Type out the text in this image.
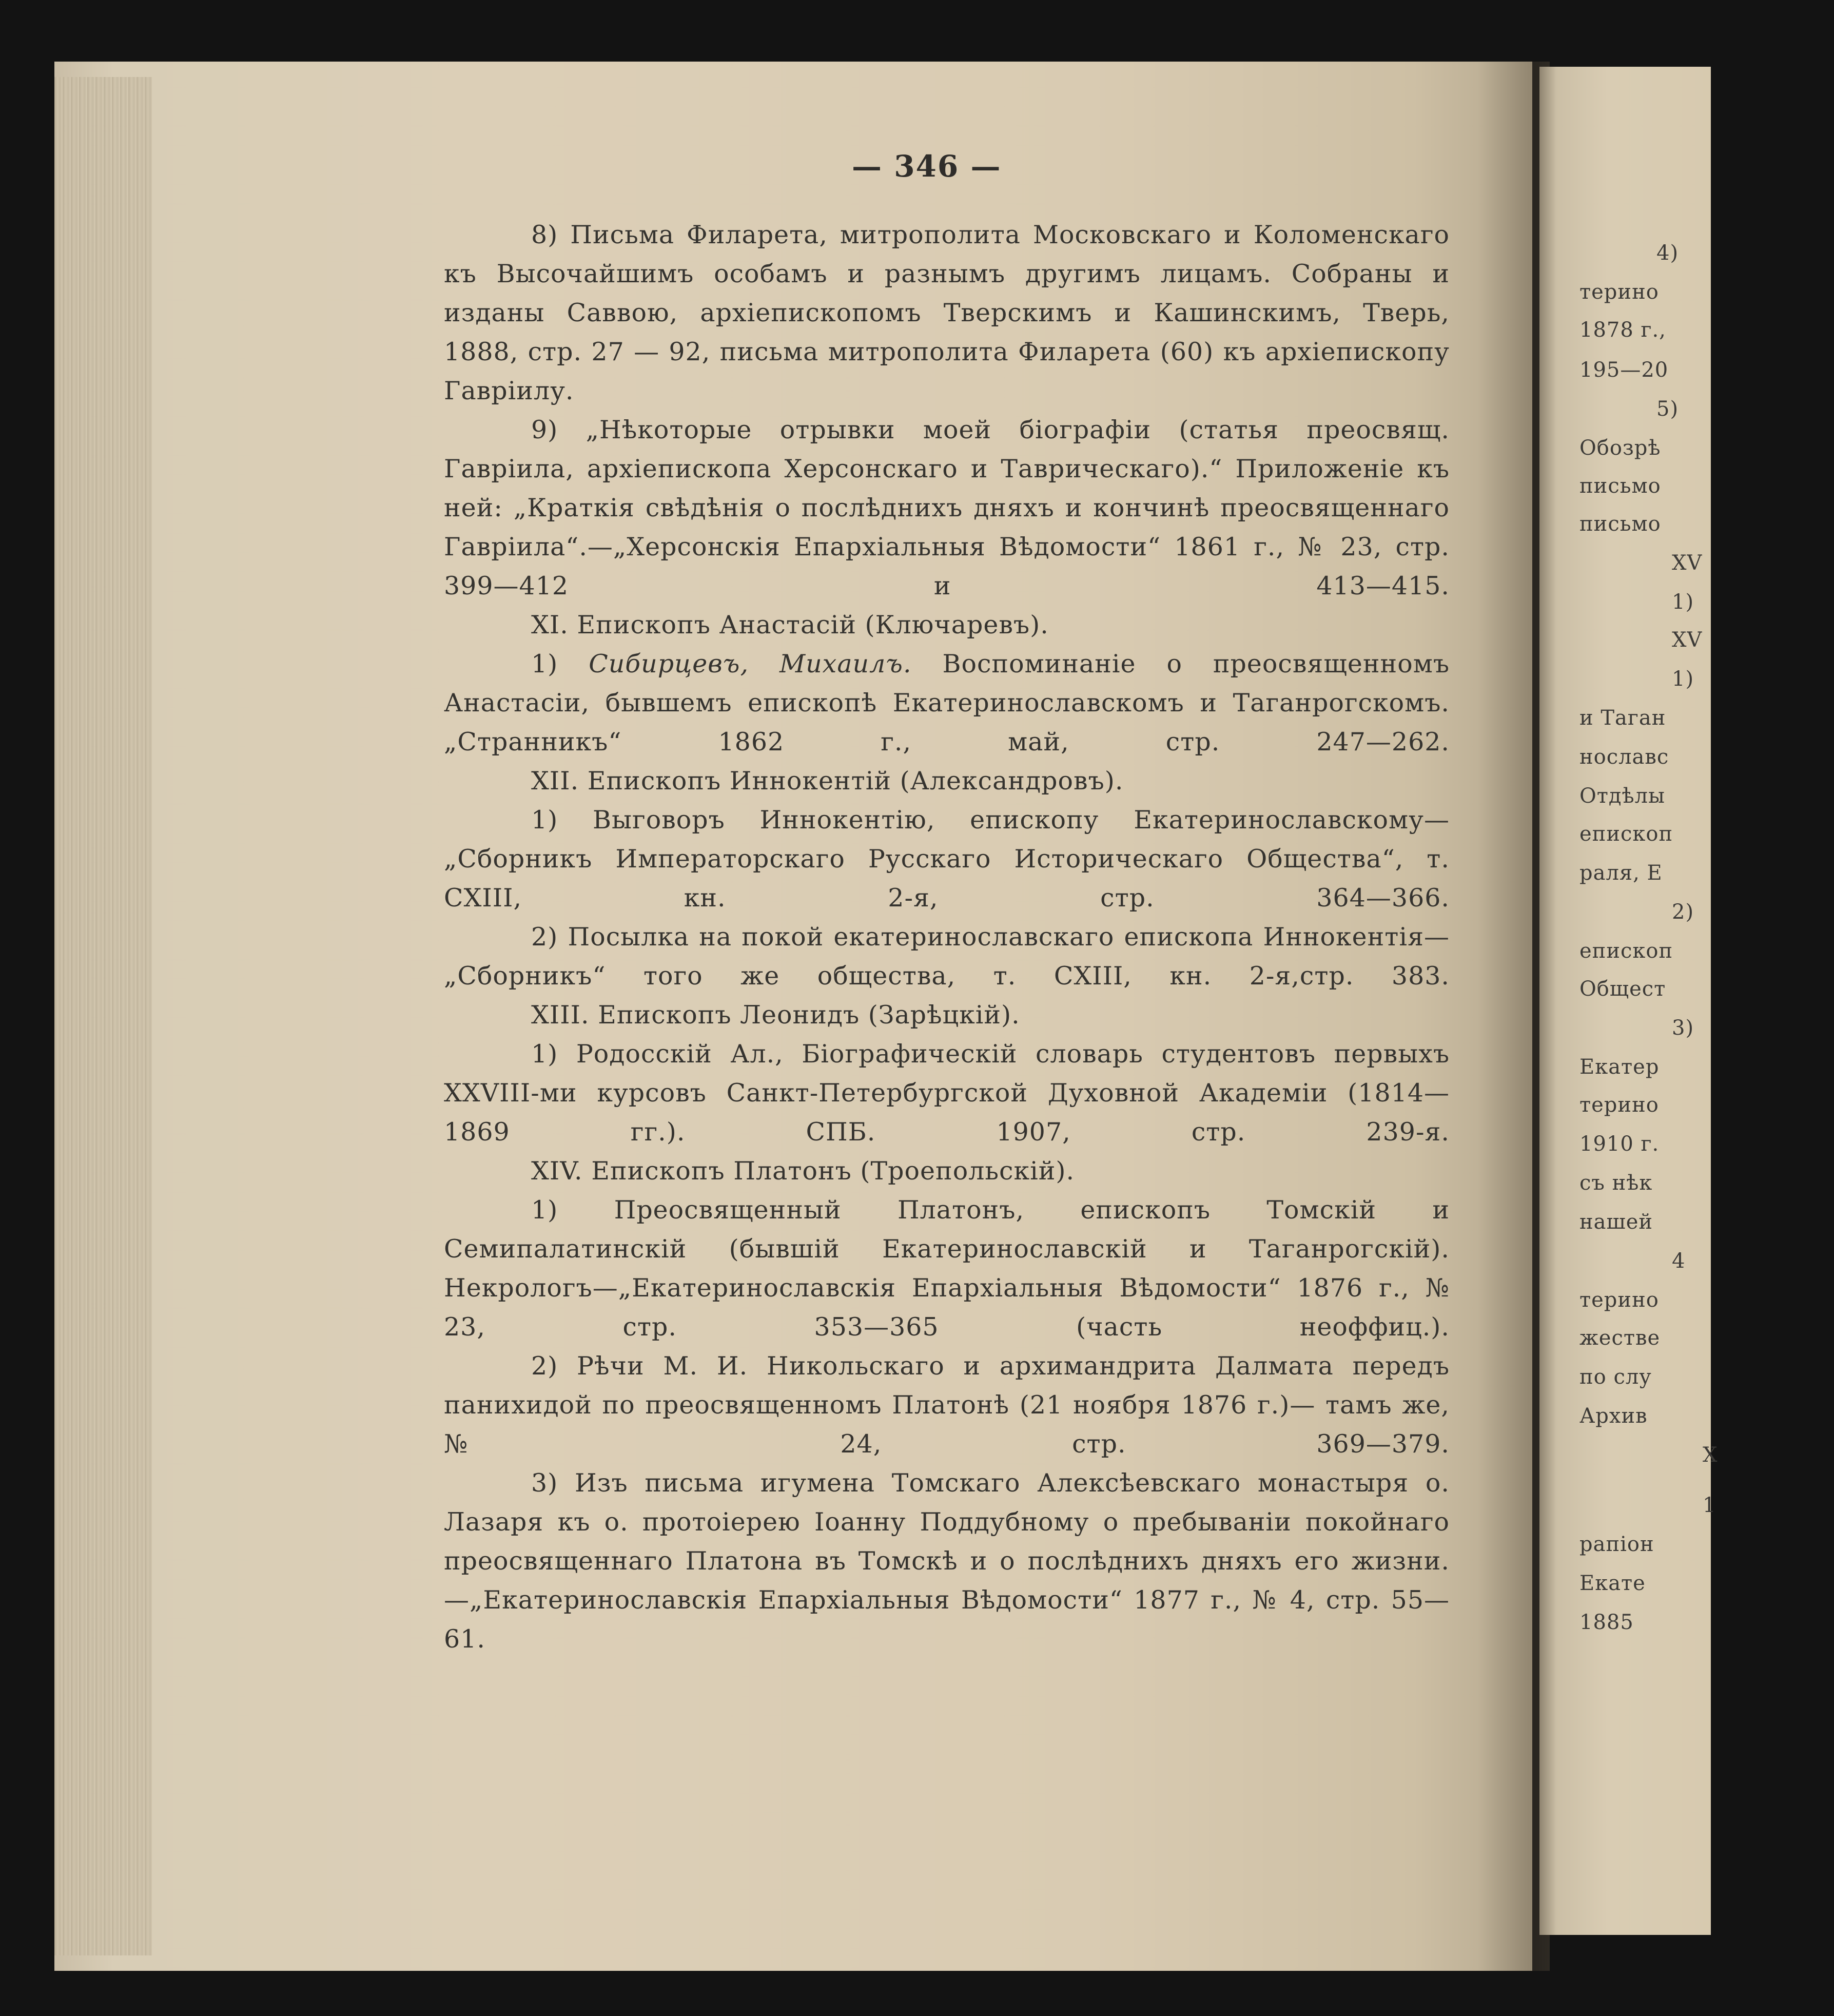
4)
терино
1878 г.,
195—20
5)
Обозрѣ
письмо
письмо
XV
1)
XV
1)
и Таган
нославс
Отдѣлы
епископ
раля, Е
2)
епископ
Общест
3)
Екатер
терино
1910 г.
съ нѣк
нашей
4
терино
жестве
по слу
Архив
Х
1
рапіон
Екате
1885
— 346 —

8) Письма Филарета, митрополита Московскаго и Коломенскаго къ Высочайшимъ особамъ и разнымъ другимъ лицамъ. Собраны и изданы Саввою, архіепископомъ Тверскимъ и Кашинскимъ, Тверь, 1888, стр. 27 — 92, письма митрополита Филарета (60) къ архіепископу Гавріилу.

9) „Нѣкоторые отрывки моей біографіи (статья преосвящ. Гавріила, архіепископа Херсонскаго и Таврическаго).“ Приложеніе къ ней: „Краткія свѣдѣнія о послѣднихъ дняхъ и кончинѣ преосвященнаго Гавріила“.—„Херсонскія Епархіальныя Вѣдомости“ 1861 г., № 23, стр. 399—412 и 413—415.

XI. Епископъ Анастасій (Ключаревъ).

1) Сибирцевъ, Михаилъ. Воспоминаніе о преосвященномъ Анастасіи, бывшемъ епископѣ Екатеринославскомъ и Таганрогскомъ. „Странникъ“ 1862 г., май, стр. 247—262.

XII. Епископъ Иннокентій (Александровъ).

1) Выговоръ Иннокентію, епископу Екатеринославскому— „Сборникъ Императорскаго Русскаго Историческаго Общества“, т. CXIII, кн. 2-я, стр. 364—366.

2) Посылка на покой екатеринославскаго епископа Иннокентія—„Сборникъ“ того же общества, т. CXIII, кн. 2-я,стр. 383.

XIII. Епископъ Леонидъ (Зарѣцкій).

1) Родосскій Ал., Біографическій словарь студентовъ первыхъ XXVIII-ми курсовъ Санкт-Петербургской Духовной Академіи (1814—1869 гг.). СПБ. 1907, стр. 239-я.

XIV. Епископъ Платонъ (Троепольскій).

1) Преосвященный Платонъ, епископъ Томскій и Семипалатинскій (бывшій Екатеринославскій и Таганрогскій). Некрологъ—„Екатеринославскія Епархіальныя Вѣдомости“ 1876 г., № 23, стр. 353—365 (часть неоффиц.).

2) Рѣчи М. И. Никольскаго и архимандрита Далмата передъ панихидой по преосвященномъ Платонѣ (21 ноября 1876 г.)— тамъ же, № 24, стр. 369—379.

3) Изъ письма игумена Томскаго Алексѣевскаго монастыря о. Лазаря къ о. протоіерею Іоанну Поддубному о пребываніи покойнаго преосвященнаго Платона въ Томскѣ и о послѣднихъ дняхъ его жизни. —„Екатеринославскія Епархіальныя Вѣдомости“ 1877 г., № 4, стр. 55—61.
